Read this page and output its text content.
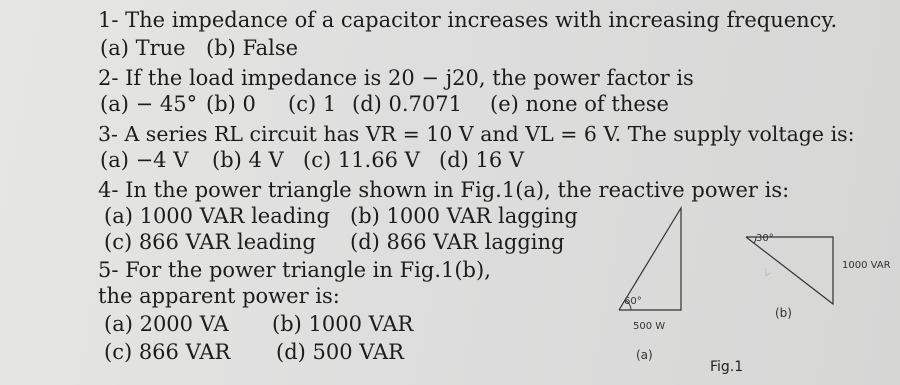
1- The impedance of a capacitor increases with increasing frequency.
(a) True (b) False
2- If the load impedance is 20 − j20, the power factor is
(a) − 45° (b) 0 (c) 1 (d) 0.7071 (e) none of these
3- A series RL circuit has VR = 10 V and VL = 6 V. The supply voltage is:
(a) −4 V (b) 4 V (c) 11.66 V (d) 16 V
4- In the power triangle shown in Fig.1(a), the reactive power is:
(a) 1000 VAR leading (b) 1000 VAR lagging
(c) 866 VAR leading (d) 866 VAR lagging
5- For the power triangle in Fig.1(b),
the apparent power is:
(a) 2000 VA (b) 1000 VAR
(c) 866 VAR (d) 500 VAR
∠
60°
500 W
(a)
30°
1000 VAR
(b)
Fig.1
